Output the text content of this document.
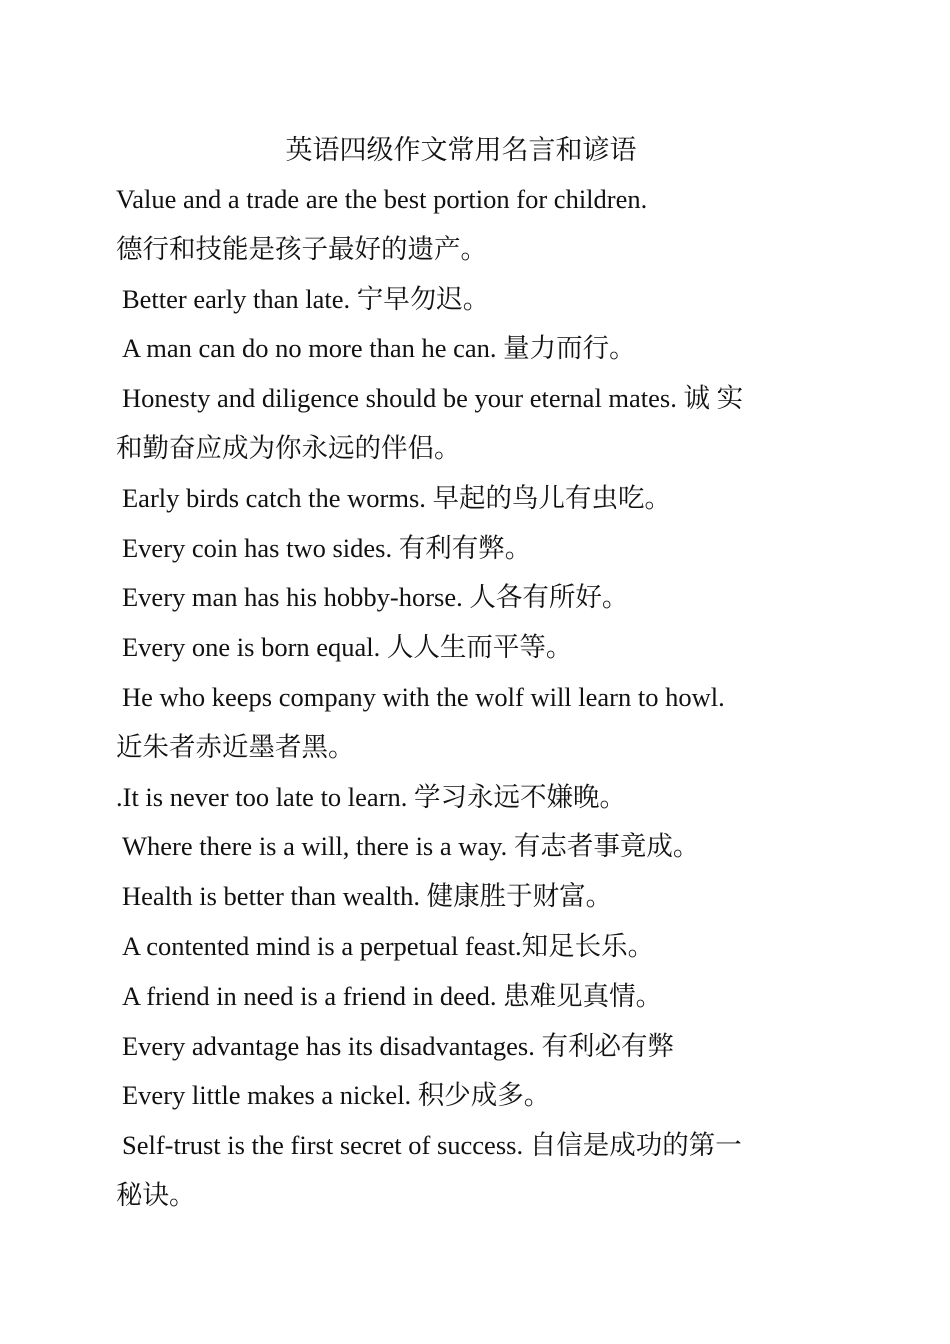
英语四级作文常用名言和谚语
Value and a trade are the best portion for children.
德行和技能是孩子最好的遗产。
Better early than late. 宁早勿迟。
A man can do no more than he can. 量力而行。
Honesty and diligence should be your eternal mates. 诚 实
和勤奋应成为你永远的伴侣。
Early birds catch the worms. 早起的鸟儿有虫吃。
Every coin has two sides. 有利有弊。
Every man has his hobby-horse. 人各有所好。
Every one is born equal. 人人生而平等。
He who keeps company with the wolf will learn to howl.
近朱者赤近墨者黑。
.It is never too late to learn. 学习永远不嫌晚。
Where there is a will, there is a way. 有志者事竟成。
Health is better than wealth. 健康胜于财富。
A contented mind is a perpetual feast.知足长乐。
A friend in need is a friend in deed. 患难见真情。
Every advantage has its disadvantages. 有利必有弊
Every little makes a nickel. 积少成多。
Self-trust is the first secret of success. 自信是成功的第一
秘诀。
